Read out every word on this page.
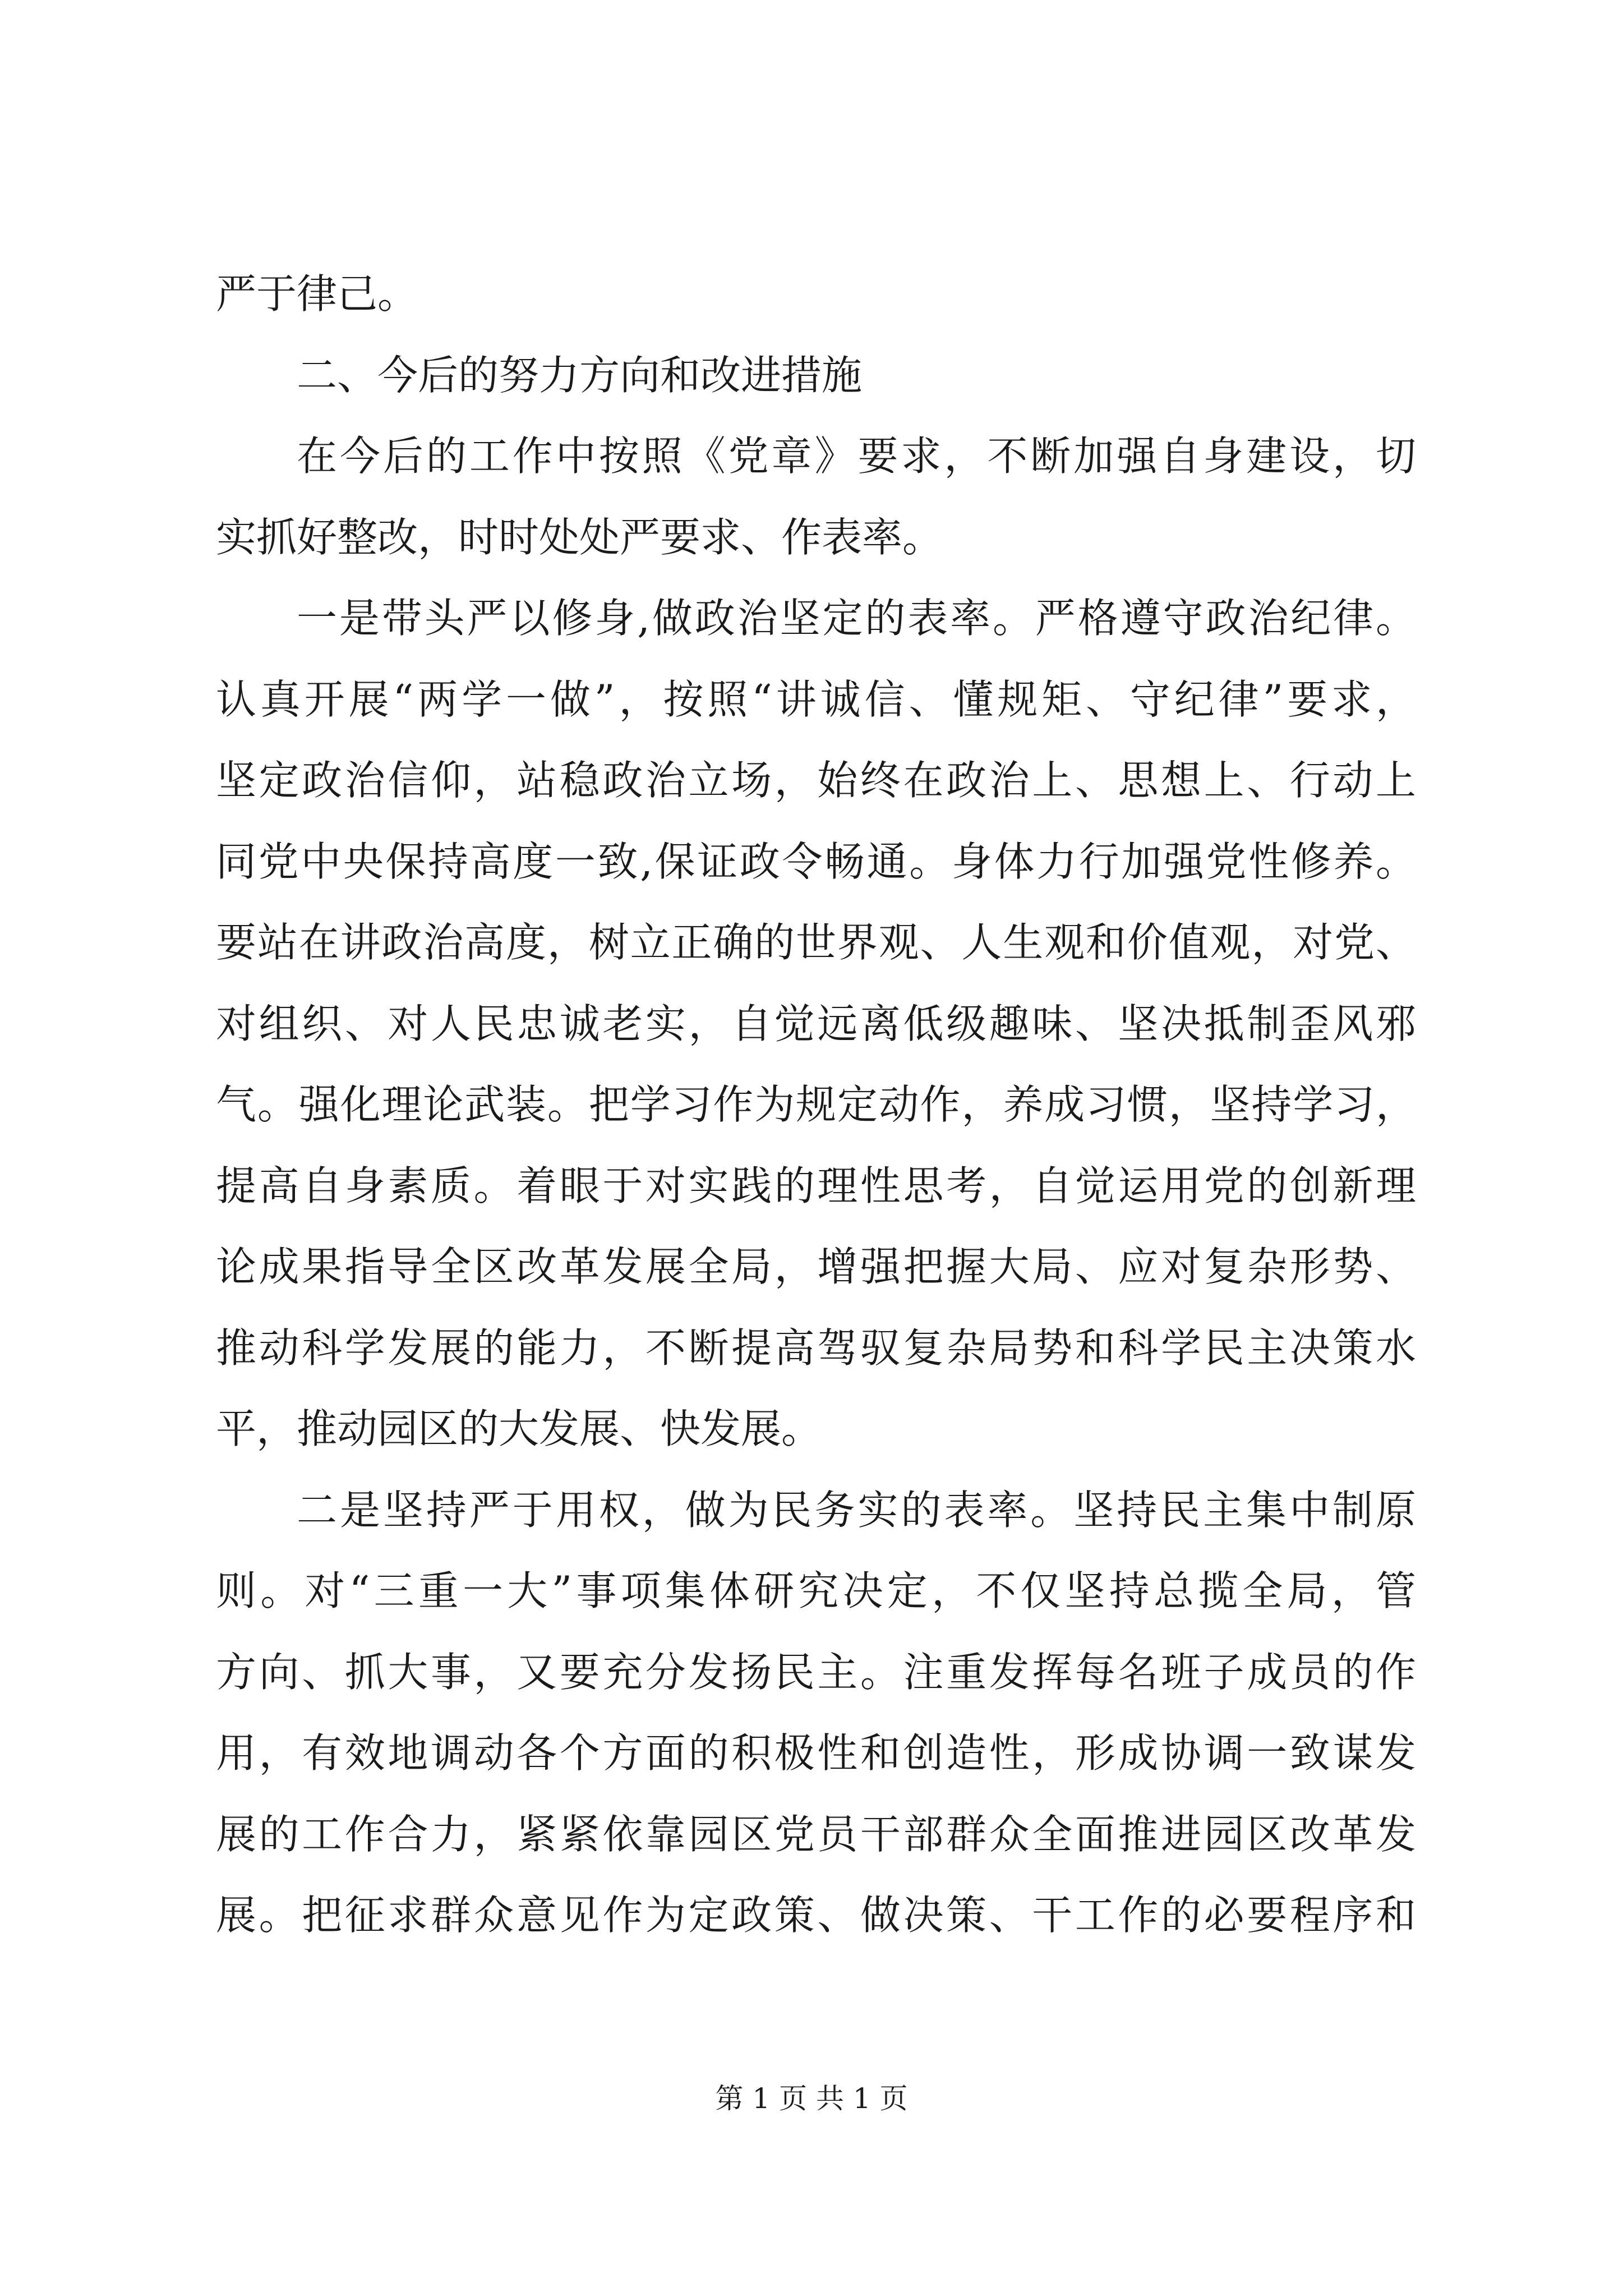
严于律己。
二、今后的努力方向和改进措施
在今后的工作中按照《党章》要求，不断加强自身建设，切
实抓好整改，时时处处严要求、作表率。
一是带头严以修身,做政治坚定的表率。严格遵守政治纪律。
认真开展“两学一做”，按照“讲诚信、懂规矩、守纪律”要求，
坚定政治信仰，站稳政治立场，始终在政治上、思想上、行动上
同党中央保持高度一致,保证政令畅通。身体力行加强党性修养。
要站在讲政治高度，树立正确的世界观、人生观和价值观，对党、
对组织、对人民忠诚老实，自觉远离低级趣味、坚决抵制歪风邪
气。强化理论武装。把学习作为规定动作，养成习惯，坚持学习，
提高自身素质。着眼于对实践的理性思考，自觉运用党的创新理
论成果指导全区改革发展全局，增强把握大局、应对复杂形势、
推动科学发展的能力，不断提高驾驭复杂局势和科学民主决策水
平，推动园区的大发展、快发展。
二是坚持严于用权，做为民务实的表率。坚持民主集中制原
则。对“三重一大”事项集体研究决定，不仅坚持总揽全局，管
方向、抓大事，又要充分发扬民主。注重发挥每名班子成员的作
用，有效地调动各个方面的积极性和创造性，形成协调一致谋发
展的工作合力，紧紧依靠园区党员干部群众全面推进园区改革发
展。把征求群众意见作为定政策、做决策、干工作的必要程序和
第 1 页 共 1 页
